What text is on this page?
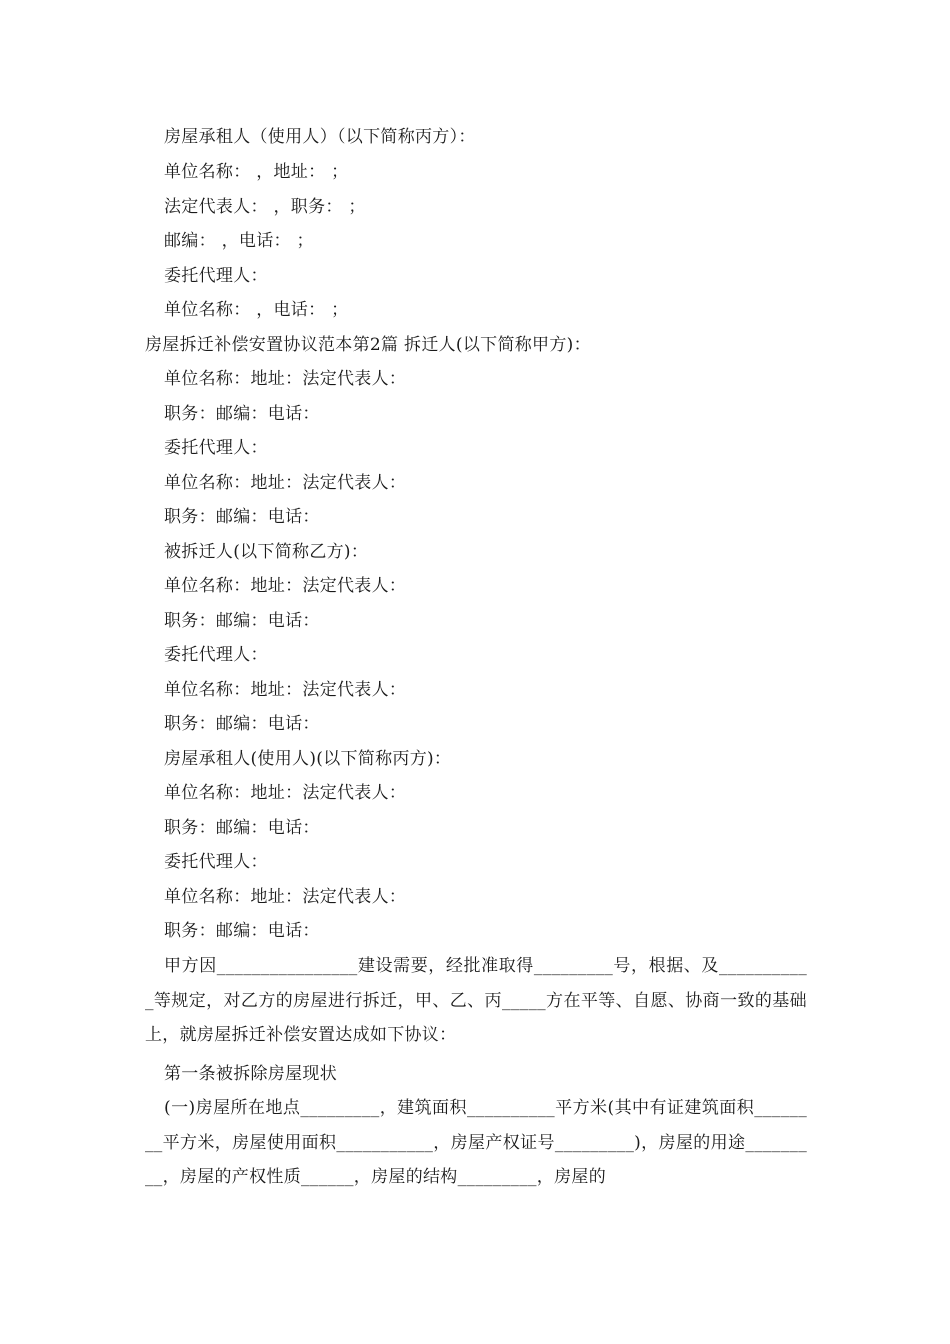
房屋承租人（使用人）（以下简称丙方）：
单位名称： ，地址： ；
法定代表人： ，职务： ；
邮编： ，电话： ；
委托代理人：
单位名称： ，电话： ；
房屋拆迁补偿安置协议范本第2篇 拆迁人(以下简称甲方)：
单位名称：地址：法定代表人：
职务：邮编：电话：
委托代理人：
单位名称：地址：法定代表人：
职务：邮编：电话：
被拆迁人(以下简称乙方)：
单位名称：地址：法定代表人：
职务：邮编：电话：
委托代理人：
单位名称：地址：法定代表人：
职务：邮编：电话：
房屋承租人(使用人)(以下简称丙方)：
单位名称：地址：法定代表人：
职务：邮编：电话：
委托代理人：
单位名称：地址：法定代表人：
职务：邮编：电话：
甲方因________________建设需要，经批准取得_________号，根据、及___________等规定，对乙方的房屋进行拆迁，甲、乙、丙_____方在平等、自愿、协商一致的基础上，就房屋拆迁补偿安置达成如下协议：
第一条被拆除房屋现状
(一)房屋所在地点_________，建筑面积__________平方米(其中有证建筑面积________平方米，房屋使用面积___________，房屋产权证号_________)，房屋的用途_________，房屋的产权性质______，房屋的结构_________，房屋的
